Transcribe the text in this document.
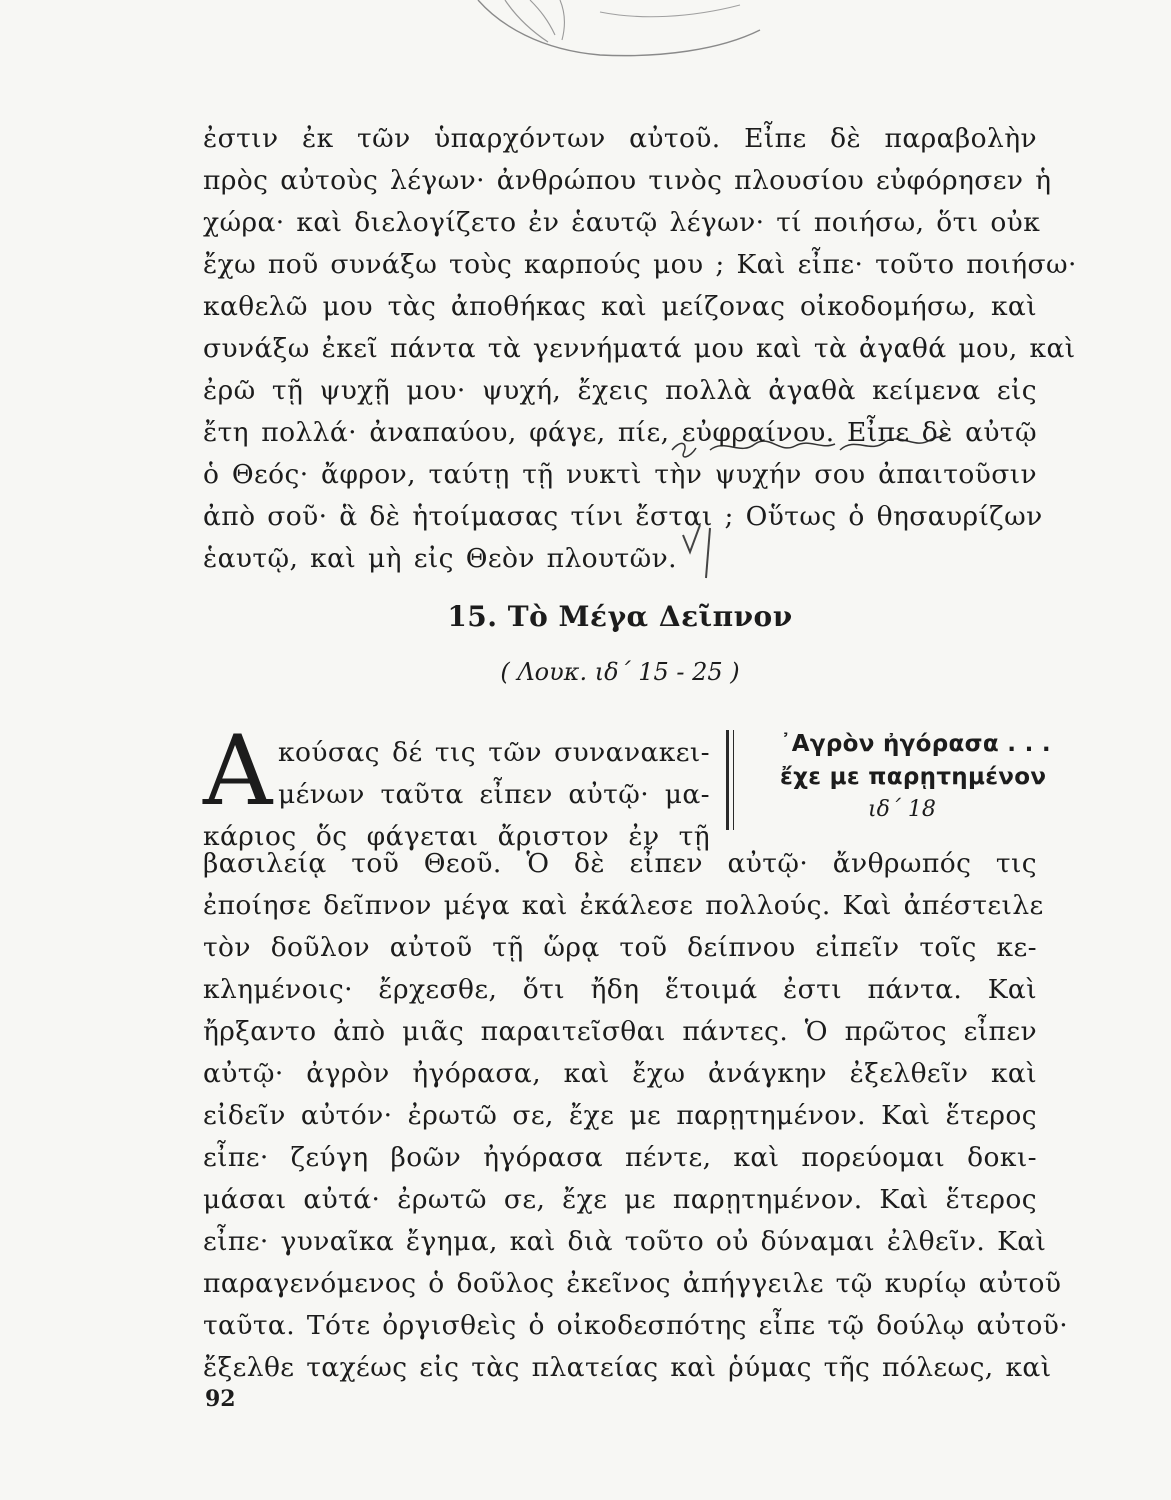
ἐστιν ἐκ τῶν ὑπαρχόντων αὐτοῦ. Εἶπε δὲ παραβολὴν
πρὸς αὐτοὺς λέγων· ἀνθρώπου τινὸς πλουσίου εὐφόρησεν ἡ
χώρα· καὶ διελογίζετο ἐν ἑαυτῷ λέγων· τί ποιήσω, ὅτι οὐκ
ἔχω ποῦ συνάξω τοὺς καρπούς μου ; Καὶ εἶπε· τοῦτο ποιήσω·
καθελῶ μου τὰς ἀποθήκας καὶ μείζονας οἰκοδομήσω, καὶ
συνάξω ἐκεῖ πάντα τὰ γεννήματά μου καὶ τὰ ἀγαθά μου, καὶ
ἐρῶ τῇ ψυχῇ μου· ψυχή, ἔχεις πολλὰ ἀγαθὰ κείμενα εἰς
ἔτη πολλά· ἀναπαύου, φάγε, πίε, εὐφραίνου. Εἶπε δὲ αὐτῷ
ὁ Θεός· ἄφρον, ταύτῃ τῇ νυκτὶ τὴν ψυχήν σου ἀπαιτοῦσιν
ἀπὸ σοῦ· ἃ δὲ ἡτοίμασας τίνι ἔσται ; Οὕτως ὁ θησαυρίζων
ἑαυτῷ, καὶ μὴ εἰς Θεὸν πλουτῶν.
15. Τὸ Μέγα Δεῖπνον
( Λουκ. ιδ΄ 15 - 25 )
Α κούσας δέ τις τῶν συνανακει-
μένων ταῦτα εἶπεν αὐτῷ· μα-
κάριος ὅς φάγεται ἄριστον ἐν τῇ
᾿Αγρὸν ἠγόρασα . . .
ἔχε με παρῃτημένον
ιδ΄ 18
βασιλείᾳ τοῦ Θεοῦ. Ὁ δὲ εἶπεν αὐτῷ· ἄνθρωπός τις
ἐποίησε δεῖπνον μέγα καὶ ἐκάλεσε πολλούς. Καὶ ἀπέστειλε
τὸν δοῦλον αὐτοῦ τῇ ὥρᾳ τοῦ δείπνου εἰπεῖν τοῖς κε-
κλημένοις· ἔρχεσθε, ὅτι ἤδη ἕτοιμά ἐστι πάντα. Καὶ
ἤρξαντο ἀπὸ μιᾶς παραιτεῖσθαι πάντες. Ὁ πρῶτος εἶπεν
αὐτῷ· ἀγρὸν ἠγόρασα, καὶ ἔχω ἀνάγκην ἐξελθεῖν καὶ
εἰδεῖν αὐτόν· ἐρωτῶ σε, ἔχε με παρῃτημένον. Καὶ ἕτερος
εἶπε· ζεύγη βοῶν ἠγόρασα πέντε, καὶ πορεύομαι δοκι-
μάσαι αὐτά· ἐρωτῶ σε, ἔχε με παρῃτημένον. Καὶ ἕτερος
εἶπε· γυναῖκα ἔγημα, καὶ διὰ τοῦτο οὐ δύναμαι ἐλθεῖν. Καὶ
παραγενόμενος ὁ δοῦλος ἐκεῖνος ἀπήγγειλε τῷ κυρίῳ αὐτοῦ
ταῦτα. Τότε ὀργισθεὶς ὁ οἰκοδεσπότης εἶπε τῷ δούλῳ αὐτοῦ·
ἔξελθε ταχέως εἰς τὰς πλατείας καὶ ῥύμας τῆς πόλεως, καὶ
92
